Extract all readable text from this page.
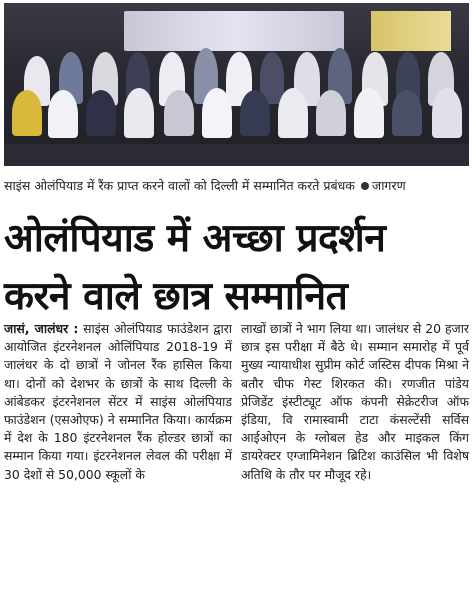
साइंस ओलंपियाड में रैंक प्राप्त करने वालों को दिल्ली में सम्मानित करते प्रबंधक जागरण
ओलंपियाड में अच्छा प्रदर्शन
करने वाले छात्र सम्मानित

जासं, जालंधर : साइंस ओलंपियाड फाउंडेशन द्वारा आयोजित इंटरनेशनल ओलिंपियाड 2018-19 में जालंधर के दो छात्रों ने जोनल रैंक हासिल किया था। दोनों को देशभर के छात्रों के साथ दिल्ली के आंबेडकर इंटरनेशनल सेंटर में साइंस ओलंपियाड फाउंडेशन (एसओएफ) ने सम्मानित किया। कार्यक्रम में देश के 180 इंटरनेशनल रैंक होल्डर छात्रों का सम्मान किया गया। इंटरनेशनल लेवल की परीक्षा में 30 देशों से 50,000 स्कूलों के

लाखों छात्रों ने भाग लिया था। जालंधर से 20 हजार छात्र इस परीक्षा में बैठे थे। सम्मान समारोह में पूर्व मुख्य न्यायाधीश सुप्रीम कोर्ट जस्टिस दीपक मिश्रा ने बतौर चीफ गेस्ट शिरकत की। रणजीत पांडेय प्रेजिडेंट इंस्टीट्यूट ऑफ कंपनी सेक्रेटरीज ऑफ इंडिया, वि रामास्वामी टाटा कंसल्टेंसी सर्विस आईओएन के ग्लोबल हेड और माइकल किंग डायरेक्टर एग्जामिनेशन ब्रिटिश काउंसिल भी विशेष अतिथि के तौर पर मौजूद रहे।
